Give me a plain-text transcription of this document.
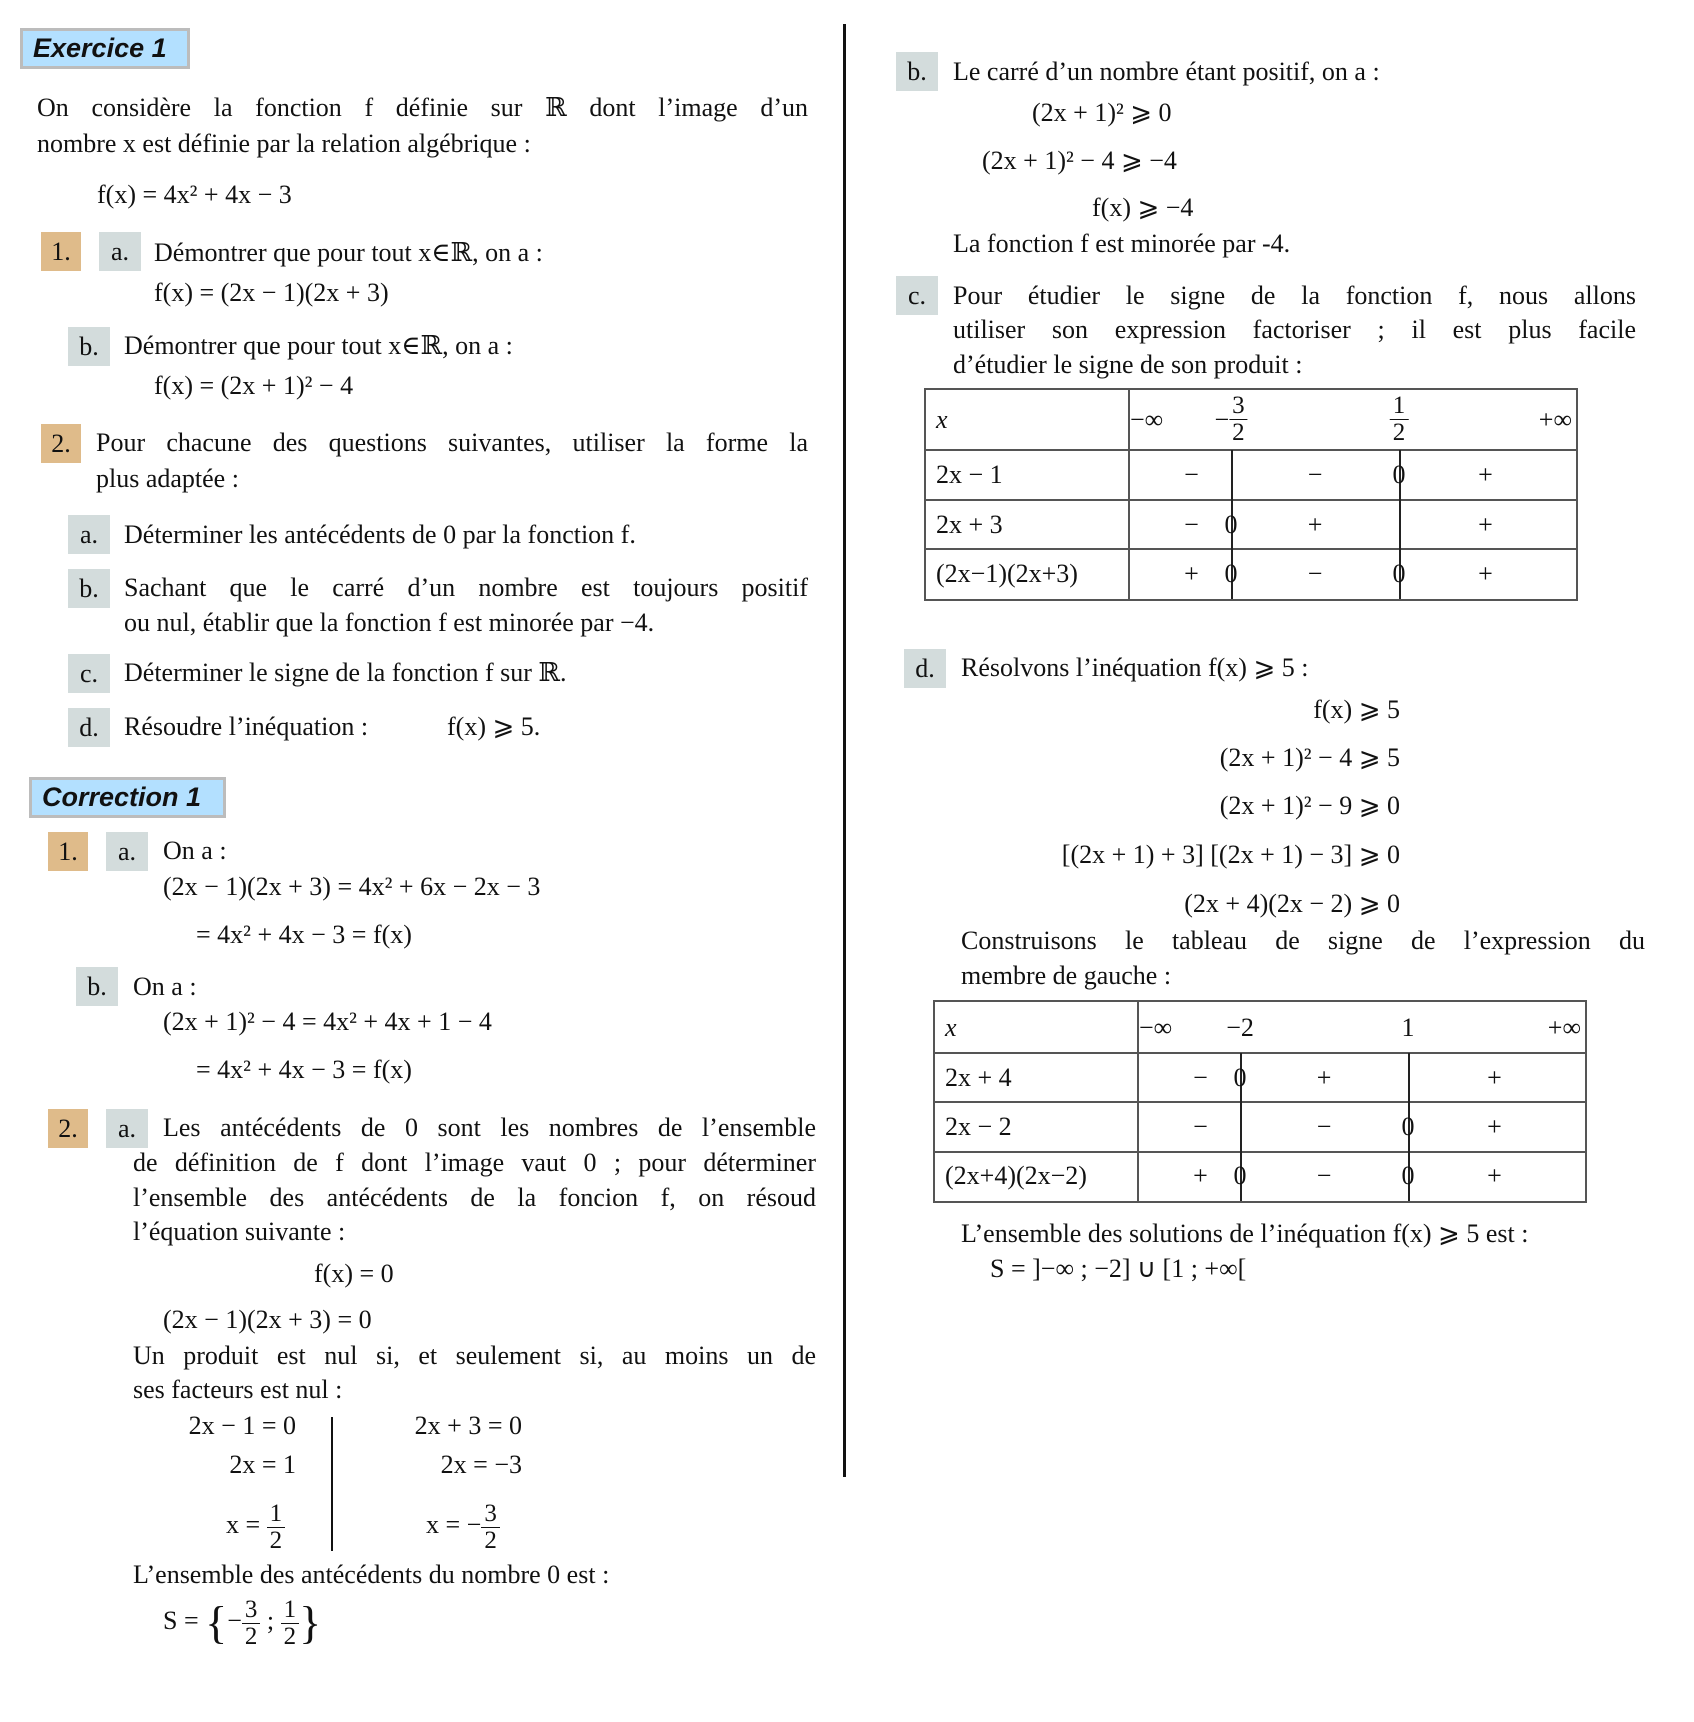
Exercice 1
On considère la fonction f définie sur ℝ dont l’image d’un
nombre x est définie par la relation algébrique :
f(x) = 4x² + 4x − 3
1.	a. Démontrer que pour tout x∈ℝ, on a :
f(x) = (2x − 1)(2x + 3)
b. Démontrer que pour tout x∈ℝ, on a :
f(x) = (2x + 1)² − 4
2. Pour chacune des questions suivantes, utiliser la forme la
plus adaptée :
a. Déterminer les antécédents de 0 par la fonction f.
b. Sachant que le carré d’un nombre est toujours positif
ou nul, établir que la fonction f est minorée par −4.
c. Déterminer le signe de la fonction f sur ℝ.
d. Résoudre l’inéquation :	f(x) ⩾ 5.
Correction 1
1.	a.	On a :
(2x − 1)(2x + 3) = 4x² + 6x − 2x − 3
= 4x² + 4x − 3 = f(x)
b.	On a :
(2x + 1)² − 4 = 4x² + 4x + 1 − 4
= 4x² + 4x − 3 = f(x)
2.	a.	Les antécédents de 0 sont les nombres de l’ensemble
de définition de f dont l’image vaut 0 ; pour déterminer
l’ensemble des antécédents de la foncion f, on résoud
l’équation suivante :
f(x) = 0
(2x − 1)(2x + 3) = 0
Un produit est nul si, et seulement si, au moins un de
ses facteurs est nul :
2x − 1 = 0
2x = 1
$x = \frac{1}{2}$
2x + 3 = 0
2x = −3
x = − $\frac{3}{2}$
L’ensemble des antécédents du nombre 0 est :
S = {− $\frac{3}{2}$ ; $\frac{1}{2}$ }
b.	Le carré d’un nombre étant positif, on a :
(2x + 1)² ⩾ 0
(2x + 1)² − 4 ⩾ −4
f(x) ⩾ −4
La fonction f est minorée par -4.
c.	Pour étudier le signe de la fonction f, nous allons
utiliser son expression factoriser ; il est plus facile
d’étudier le signe de son produit :
x	−∞ − $\frac{3}{2}$	$\frac{1}{2}$	+∞
2x − 1	−	−	0	+
2x + 3	− 0	+	+
(2x−1)(2x+3)	+ 0	−	0	+
d.	Résolvons l’inéquation f(x) ⩾ 5 :
f(x) ⩾ 5
(2x + 1)² − 4 ⩾ 5
(2x + 1)² − 9 ⩾ 0
[(2x + 1) + 3] [(2x + 1) − 3] ⩾ 0
(2x + 4)(2x − 2) ⩾ 0
Construisons le tableau de signe de l’expression du
membre de gauche :
x	−∞ −2	1	+∞
2x + 4	− 0	+	+
2x − 2	−	−	0	+
(2x+4)(2x−2)	+ 0	−	0	+
L’ensemble des solutions de l’inéquation f(x) ⩾ 5 est :
S = ]−∞ ; −2] ∪ [1 ; +∞[
